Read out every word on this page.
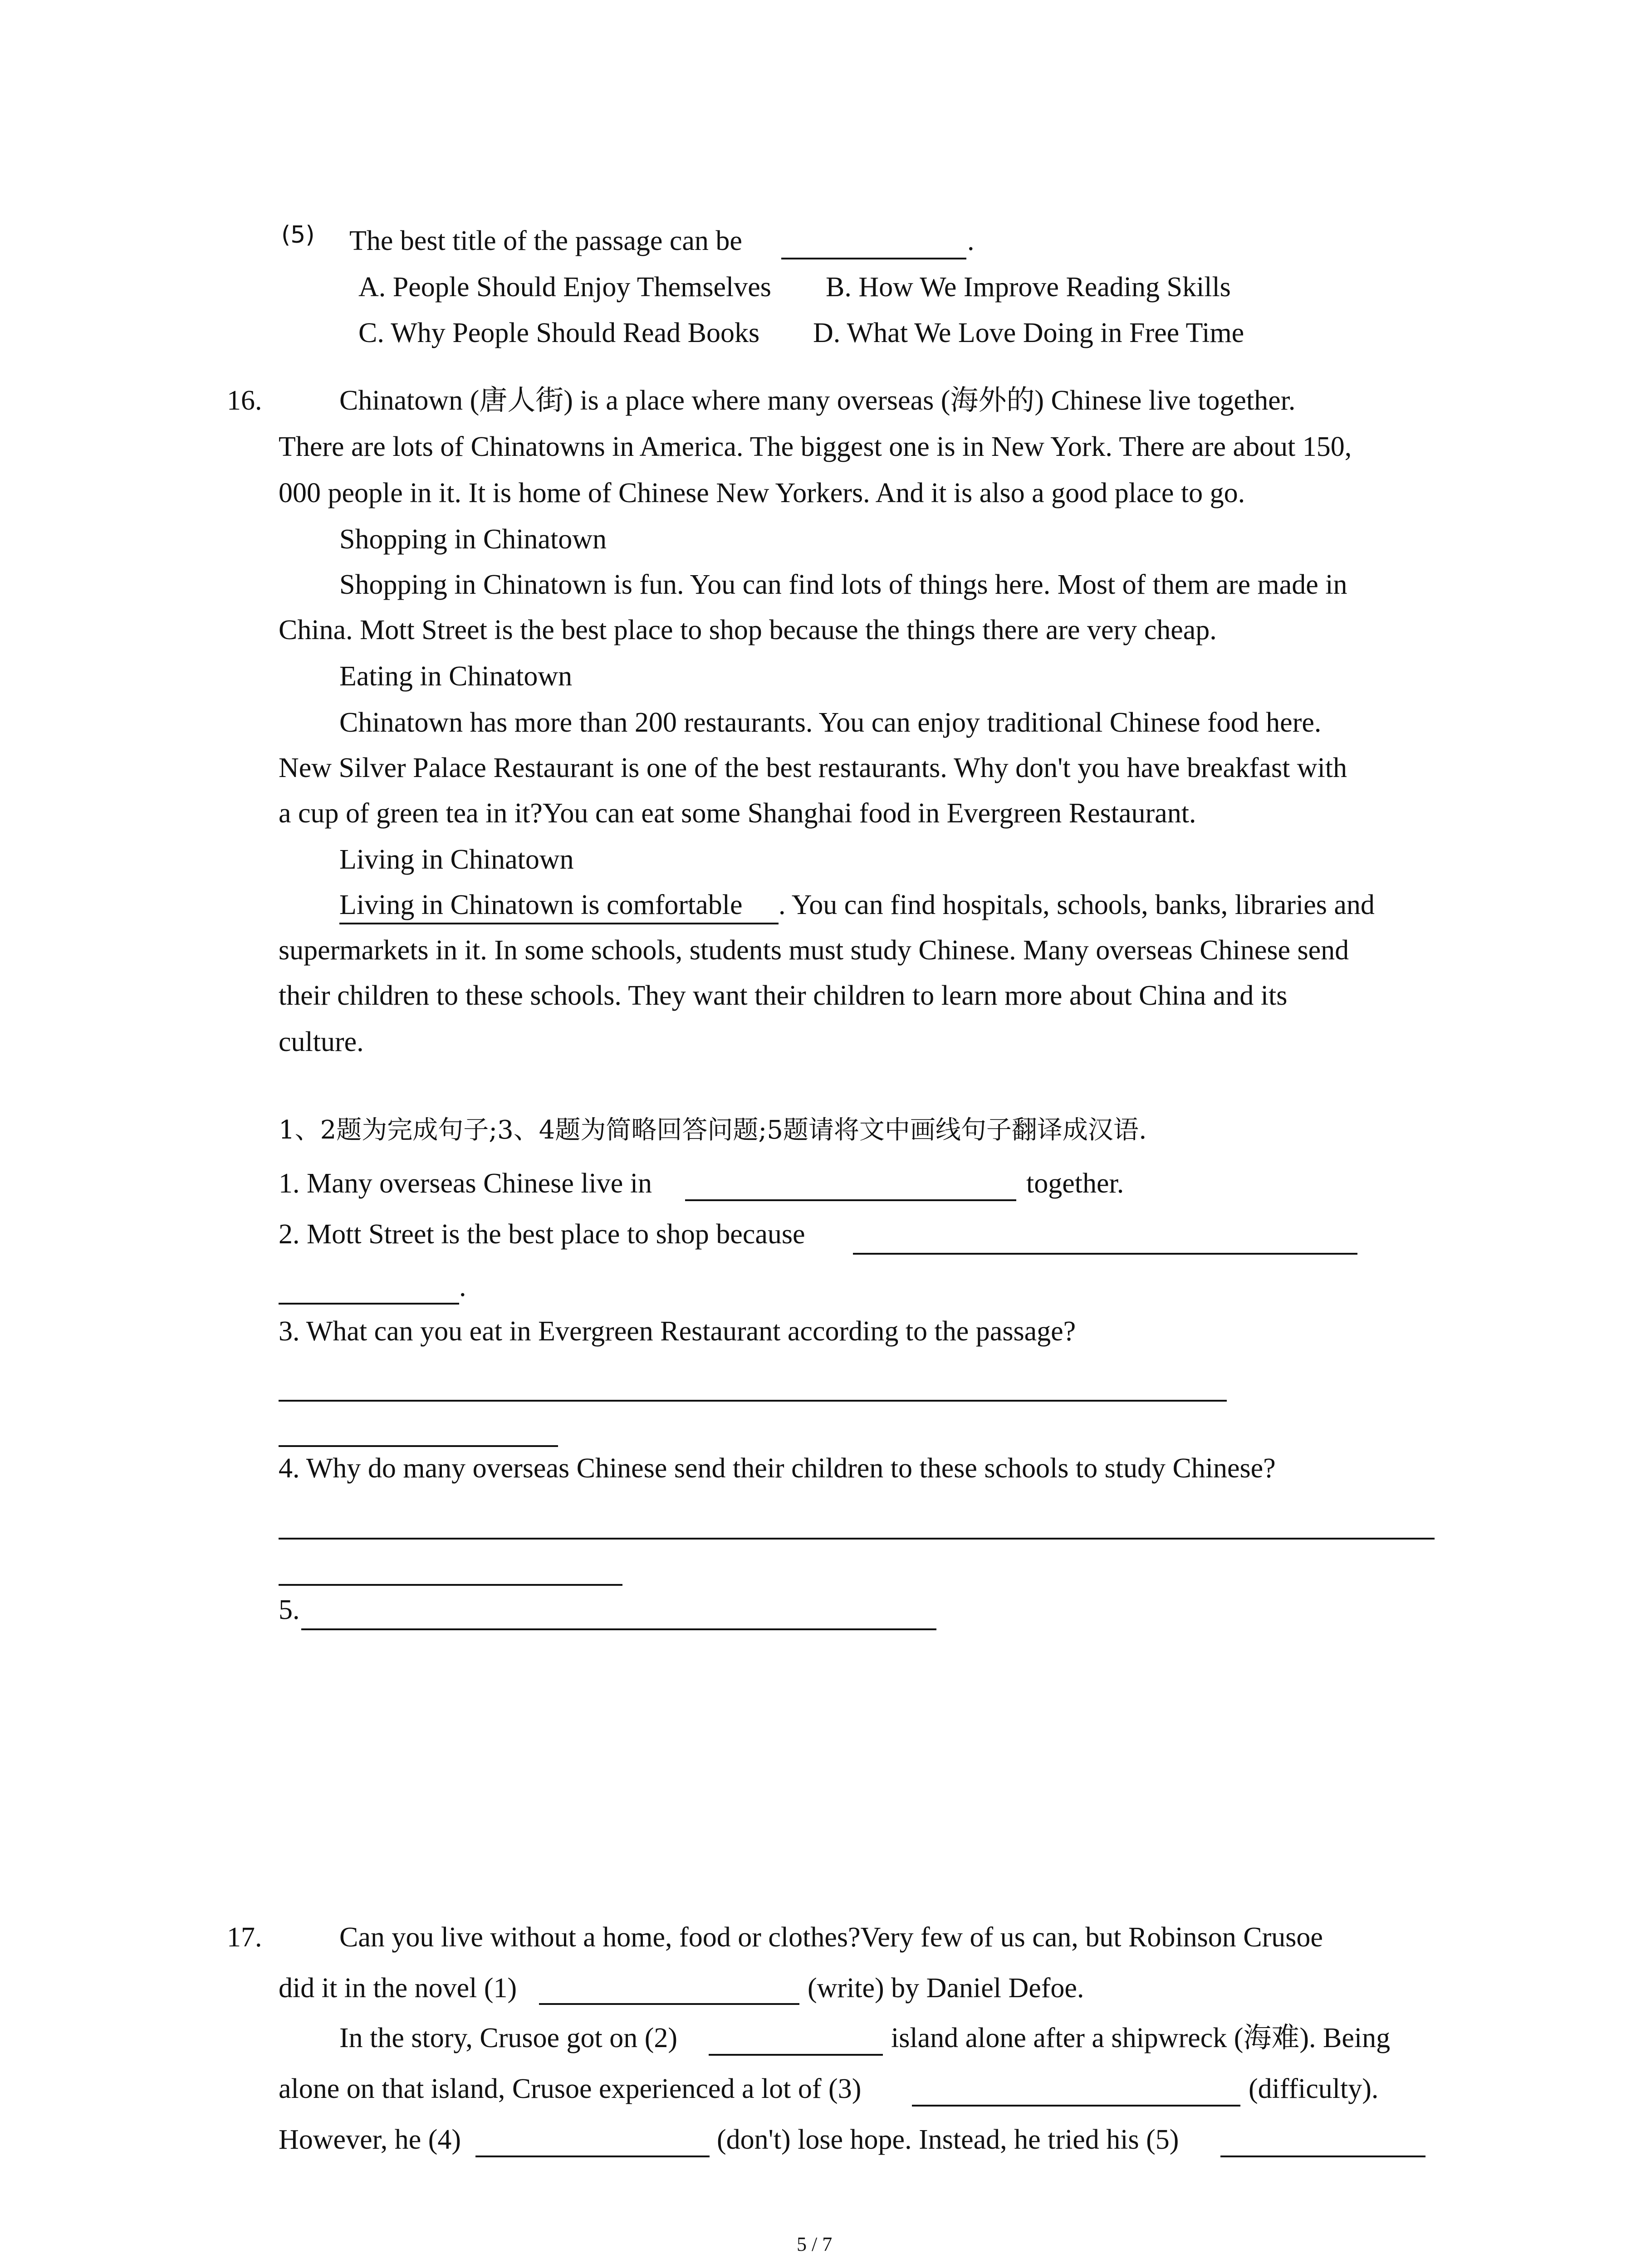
(5) The best title of the passage can be	.
A. People Should Enjoy Themselves B. How We Improve Reading Skills
C. Why People Should Read Books D. What We Love Doing in Free Time
16.	Chinatown (唐人街) is a place where many overseas (海外的) Chinese live together.
There are lots of Chinatowns in America. The biggest one is in New York. There are about 150,
000 people in it. It is home of Chinese New Yorkers. And it is also a good place to go.
Shopping in Chinatown
Shopping in Chinatown is fun. You can find lots of things here. Most of them are made in
China. Mott Street is the best place to shop because the things there are very cheap.
Eating in Chinatown
Chinatown has more than 200 restaurants. You can enjoy traditional Chinese food here.
New Silver Palace Restaurant is one of the best restaurants. Why don't you have breakfast with
a cup of green tea in it?You can eat some Shanghai food in Evergreen Restaurant.
Living in Chinatown
Living in Chinatown is comfortable . You can find hospitals, schools, banks, libraries and
supermarkets in it. In some schools, students must study Chinese. Many overseas Chinese send
their children to these schools. They want their children to learn more about China and its
culture.
1、2题为完成句子;3、4题为简略回答问题;5题请将文中画线句子翻译成汉语.
1. Many overseas Chinese live in	together.
2. Mott Street is the best place to shop because
.
3. What can you eat in Evergreen Restaurant according to the passage?
4. Why do many overseas Chinese send their children to these schools to study Chinese?
5.
17.	Can you live without a home, food or clothes?Very few of us can, but Robinson Crusoe
did it in the novel (1)	(write) by Daniel Defoe.
In the story, Crusoe got on (2)	island alone after a shipwreck (海难). Being
alone on that island, Crusoe experienced a lot of (3)	(difficulty).
However, he (4)	(don't) lose hope. Instead, he tried his (5)
5 / 7
